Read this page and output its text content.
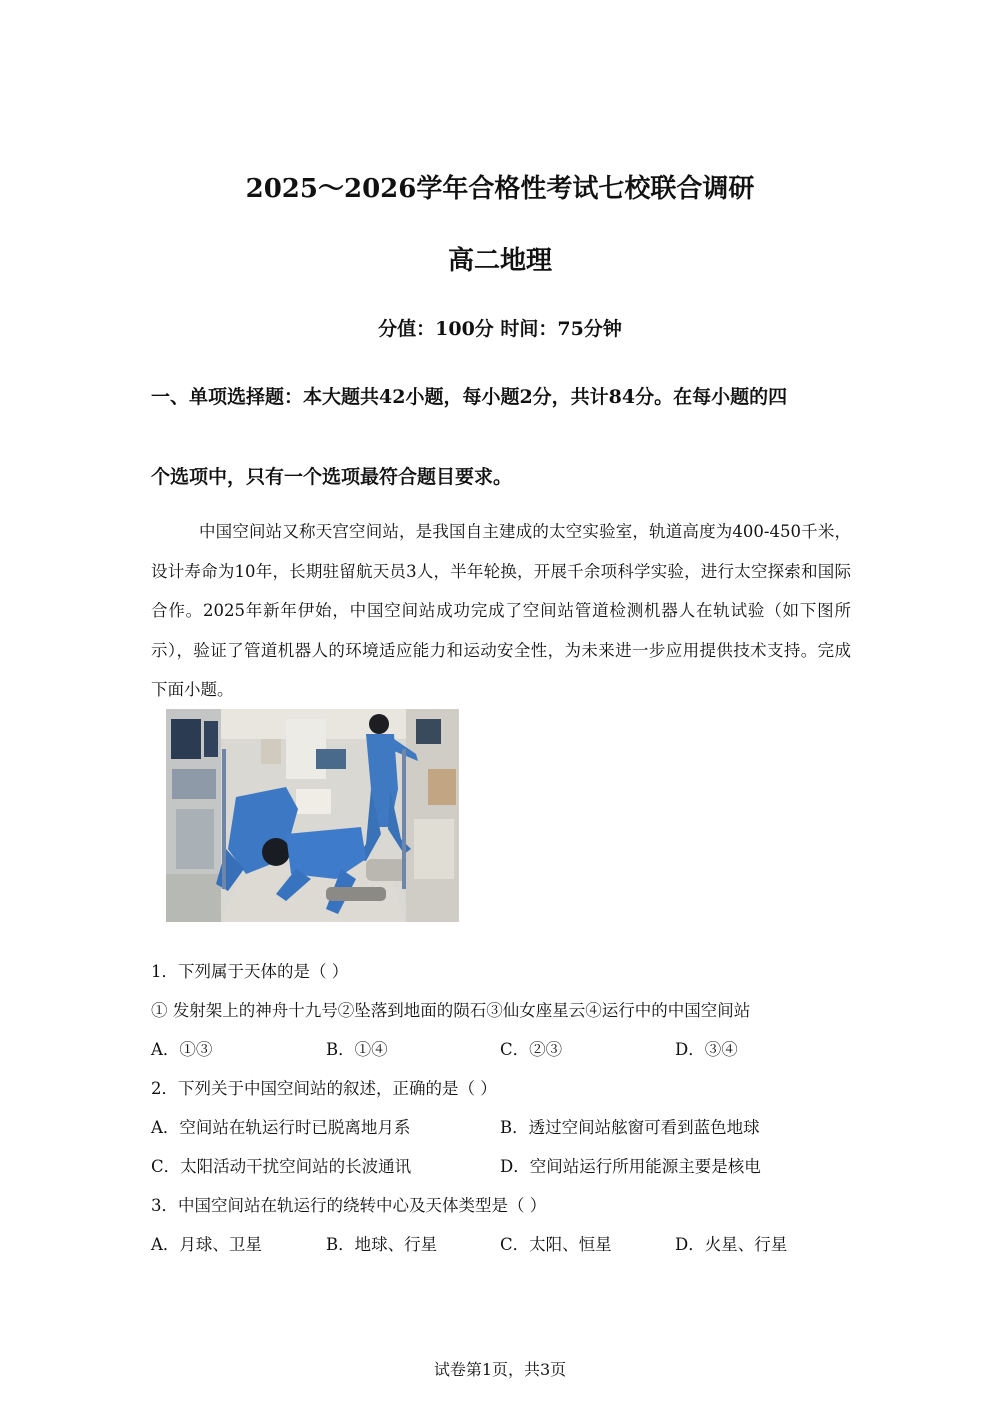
2025～2026学年合格性考试七校联合调研
高二地理
分值：100分 时间：75分钟
一、单项选择题：本大题共42小题，每小题2分，共计84分。在每小题的四
个选项中，只有一个选项最符合题目要求。
中国空间站又称天宫空间站，是我国自主建成的太空实验室，轨道高度为400-450千米，设计寿命为10年，长期驻留航天员3人，半年轮换，开展千余项科学实验，进行太空探索和国际合作。2025年新年伊始，中国空间站成功完成了空间站管道检测机器人在轨试验（如下图所示），验证了管道机器人的环境适应能力和运动安全性，为未来进一步应用提供技术支持。完成下面小题。
1．下列属于天体的是（ ）
① 发射架上的神舟十九号②坠落到地面的陨石③仙女座星云④运行中的中国空间站
A．①③	B．①④	C．②③	D．③④
2．下列关于中国空间站的叙述，正确的是（ ）
A．空间站在轨运行时已脱离地月系	B．透过空间站舷窗可看到蓝色地球
C．太阳活动干扰空间站的长波通讯	D．空间站运行所用能源主要是核电
3．中国空间站在轨运行的绕转中心及天体类型是（ ）
A．月球、卫星	B．地球、行星	C．太阳、恒星	D．火星、行星
试卷第1页，共3页
